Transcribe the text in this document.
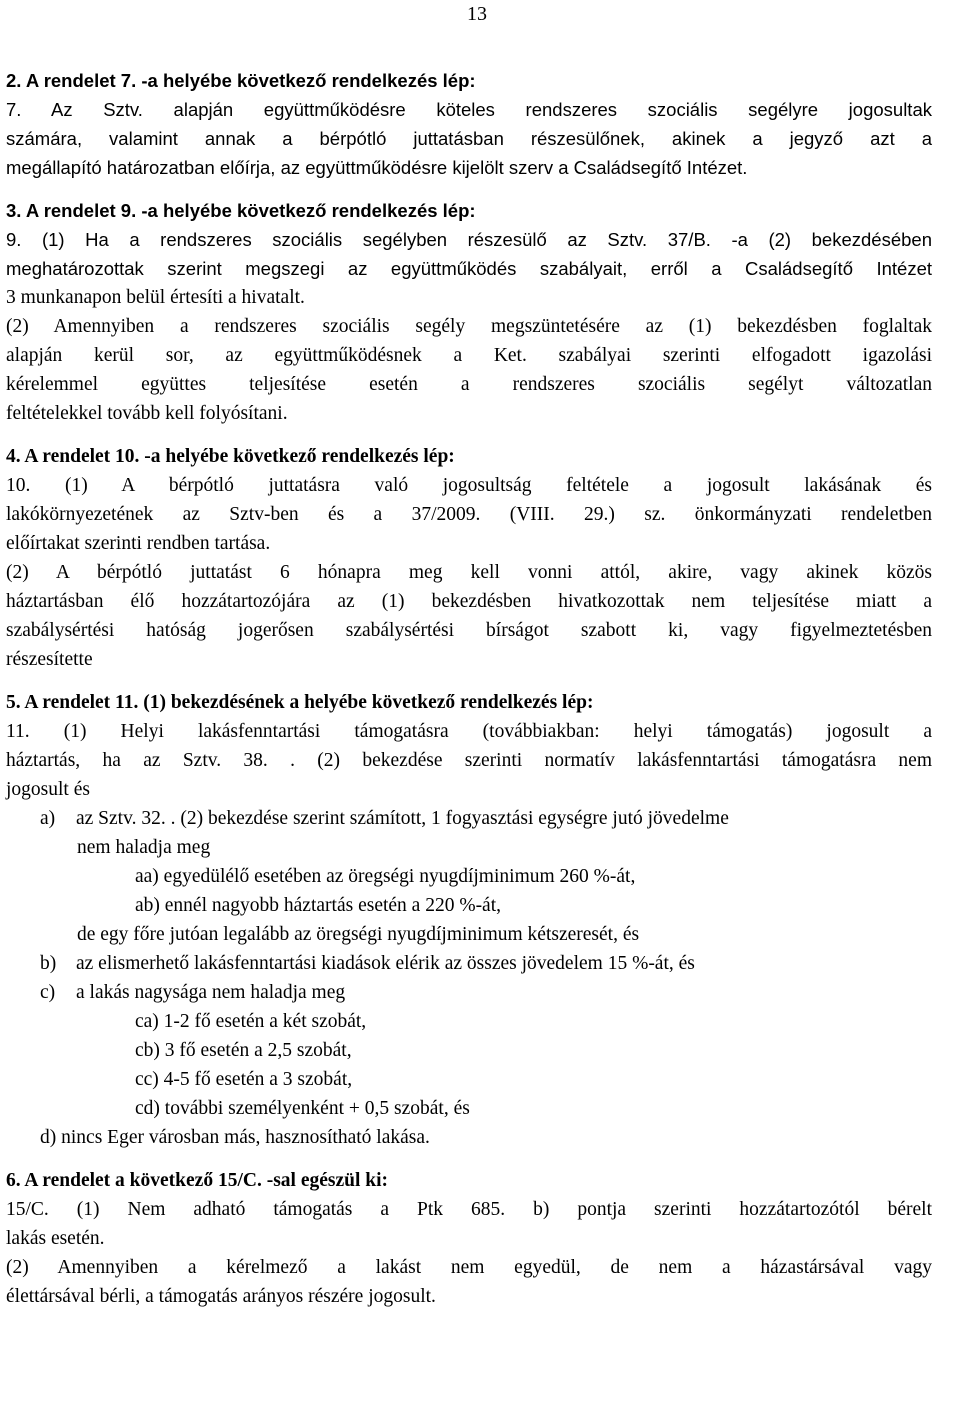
13
2. A rendelet 7. -a helyébe következő rendelkezés lép:
7. Az Sztv. alapján együttműködésre köteles rendszeres szociális segélyre jogosultak
számára, valamint annak a bérpótló juttatásban részesülőnek, akinek a jegyző azt a
megállapító határozatban előírja, az együttműködésre kijelölt szerv a Családsegítő Intézet.
3. A rendelet 9. -a helyébe következő rendelkezés lép:
9. (1) Ha a rendszeres szociális segélyben részesülő az Sztv. 37/B. -a (2) bekezdésében
meghatározottak szerint megszegi az együttműködés szabályait, erről a Családsegítő Intézet
3 munkanapon belül értesíti a hivatalt.
(2) Amennyiben a rendszeres szociális segély megszüntetésére az (1) bekezdésben foglaltak
alapján kerül sor, az együttműködésnek a Ket. szabályai szerinti elfogadott igazolási
kérelemmel együttes teljesítése esetén a rendszeres szociális segélyt változatlan
feltételekkel tovább kell folyósítani.
4. A rendelet 10. -a helyébe következő rendelkezés lép:
10. (1) A bérpótló juttatásra való jogosultság feltétele a jogosult lakásának és
lakókörnyezetének az Sztv-ben és a 37/2009. (VIII. 29.) sz. önkormányzati rendeletben
előírtakat szerinti rendben tartása.
(2) A bérpótló juttatást 6 hónapra meg kell vonni attól, akire, vagy akinek közös
háztartásban élő hozzátartozójára az (1) bekezdésben hivatkozottak nem teljesítése miatt a
szabálysértési hatóság jogerősen szabálysértési bírságot szabott ki, vagy figyelmeztetésben
részesítette
5. A rendelet 11. (1) bekezdésének a helyébe következő rendelkezés lép:
11. (1) Helyi lakásfenntartási támogatásra (továbbiakban: helyi támogatás) jogosult a
háztartás, ha az Sztv. 38. . (2) bekezdése szerinti normatív lakásfenntartási támogatásra nem
jogosult és
a)	az Sztv. 32. . (2) bekezdése szerint számított, 1 fogyasztási egységre jutó jövedelme
nem haladja meg
aa) egyedülélő esetében az öregségi nyugdíjminimum 260 %-át,
ab) ennél nagyobb háztartás esetén a 220 %-át,
de egy főre jutóan legalább az öregségi nyugdíjminimum kétszeresét, és
b)	az elismerhető lakásfenntartási kiadások elérik az összes jövedelem 15 %-át, és
c)	a lakás nagysága nem haladja meg
ca) 1-2 fő esetén a két szobát,
cb) 3 fő esetén a 2,5 szobát,
cc) 4-5 fő esetén a 3 szobát,
cd) további személyenként + 0,5 szobát, és
d) nincs Eger városban más, hasznosítható lakása.
6. A rendelet a következő 15/C. -sal egészül ki:
15/C. (1) Nem adható támogatás a Ptk 685. b) pontja szerinti hozzátartozótól bérelt
lakás esetén.
(2) Amennyiben a kérelmező a lakást nem egyedül, de nem a házastársával vagy
élettársával bérli, a támogatás arányos részére jogosult.
